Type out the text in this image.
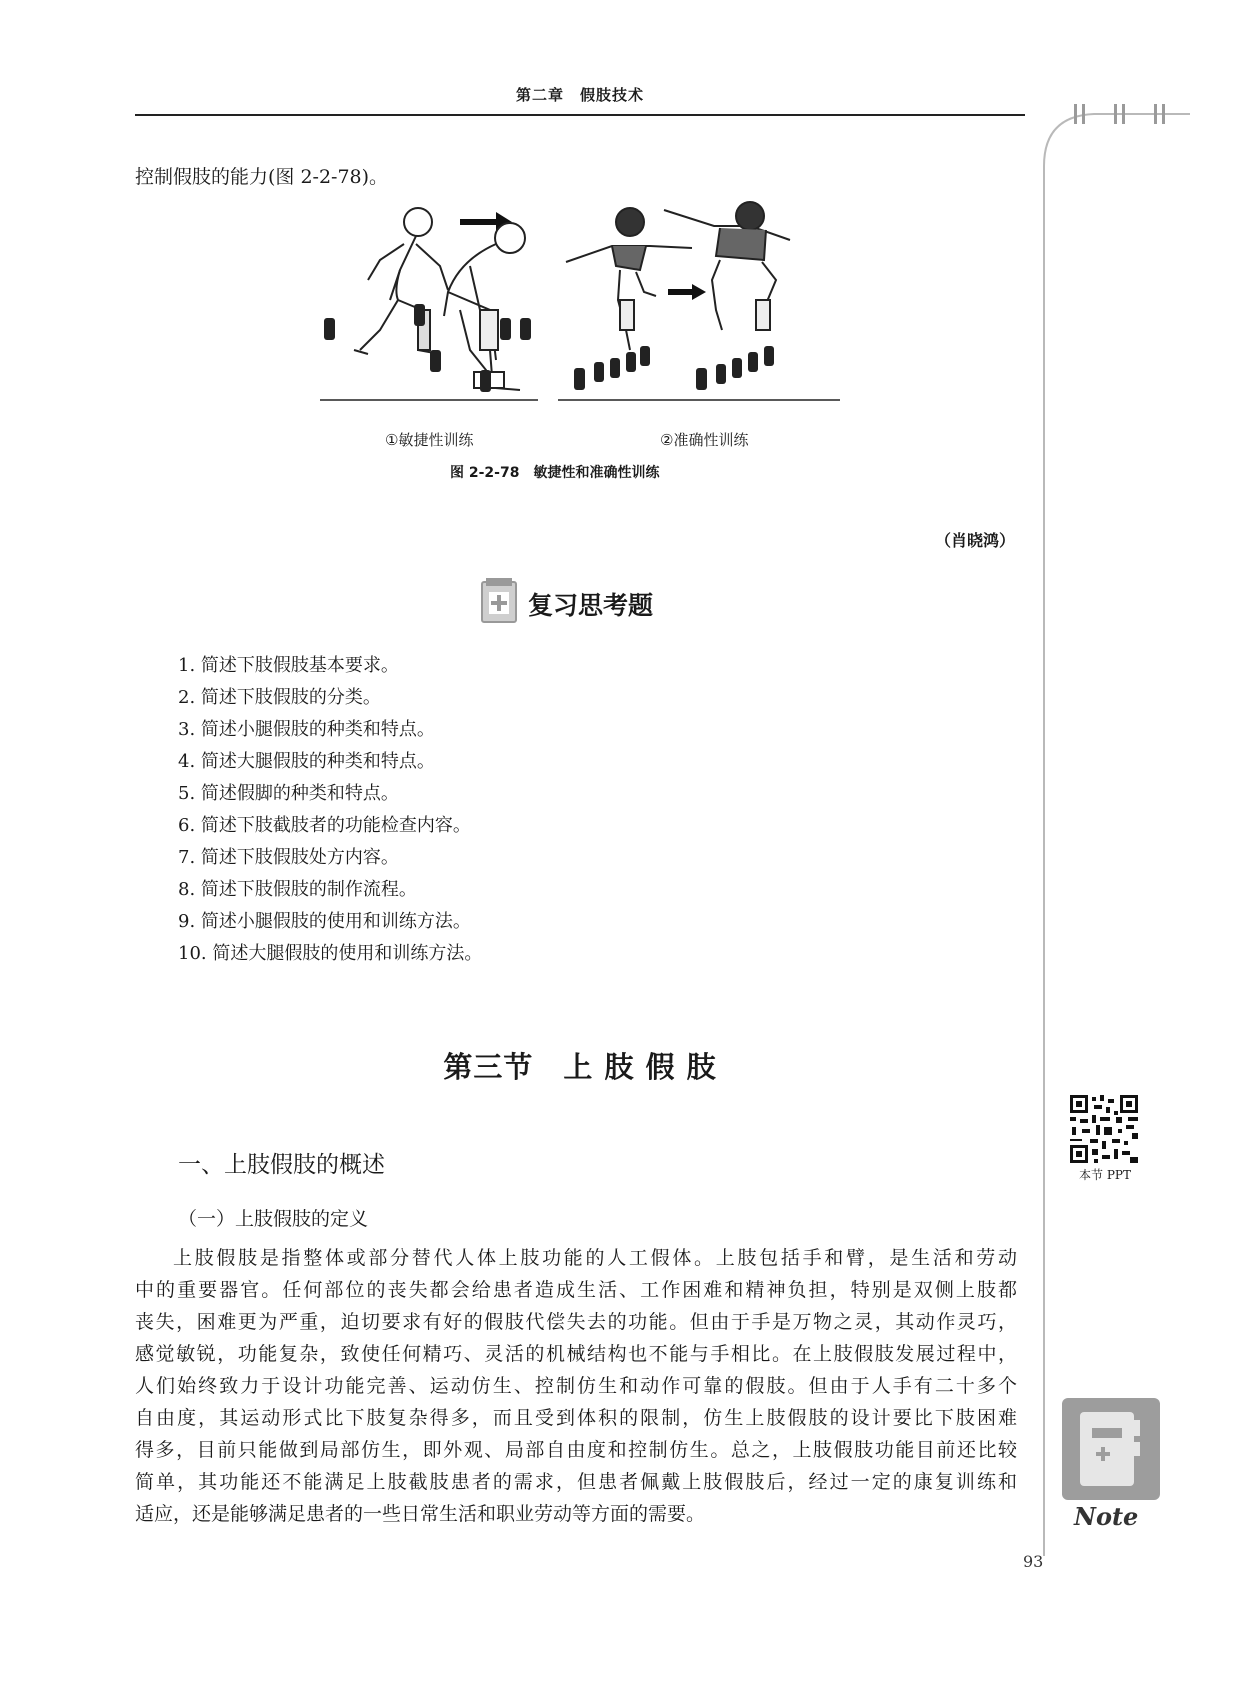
第二章　假肢技术
控制假肢的能力(图 2-2-78)。
①敏捷性训练	②准确性训练
图 2-2-78　敏捷性和准确性训练
（肖晓鸿）
复习思考题
1. 简述下肢假肢基本要求。
2. 简述下肢假肢的分类。
3. 简述小腿假肢的种类和特点。
4. 简述大腿假肢的种类和特点。
5. 简述假脚的种类和特点。
6. 简述下肢截肢者的功能检查内容。
7. 简述下肢假肢处方内容。
8. 简述下肢假肢的制作流程。
9. 简述小腿假肢的使用和训练方法。
10. 简述大腿假肢的使用和训练方法。
第三节　上 肢 假 肢
一、上肢假肢的概述
（一）上肢假肢的定义
上肢假肢是指整体或部分替代人体上肢功能的人工假体。上肢包括手和臂，是生活和劳动
中的重要器官。任何部位的丧失都会给患者造成生活、工作困难和精神负担，特别是双侧上肢都
丧失，困难更为严重，迫切要求有好的假肢代偿失去的功能。但由于手是万物之灵，其动作灵巧，
感觉敏锐，功能复杂，致使任何精巧、灵活的机械结构也不能与手相比。在上肢假肢发展过程中，
人们始终致力于设计功能完善、运动仿生、控制仿生和动作可靠的假肢。但由于人手有二十多个
自由度，其运动形式比下肢复杂得多，而且受到体积的限制，仿生上肢假肢的设计要比下肢困难
得多，目前只能做到局部仿生，即外观、局部自由度和控制仿生。总之，上肢假肢功能目前还比较
简单，其功能还不能满足上肢截肢患者的需求，但患者佩戴上肢假肢后，经过一定的康复训练和
适应，还是能够满足患者的一些日常生活和职业劳动等方面的需要。
本节 PPT
Note
93
